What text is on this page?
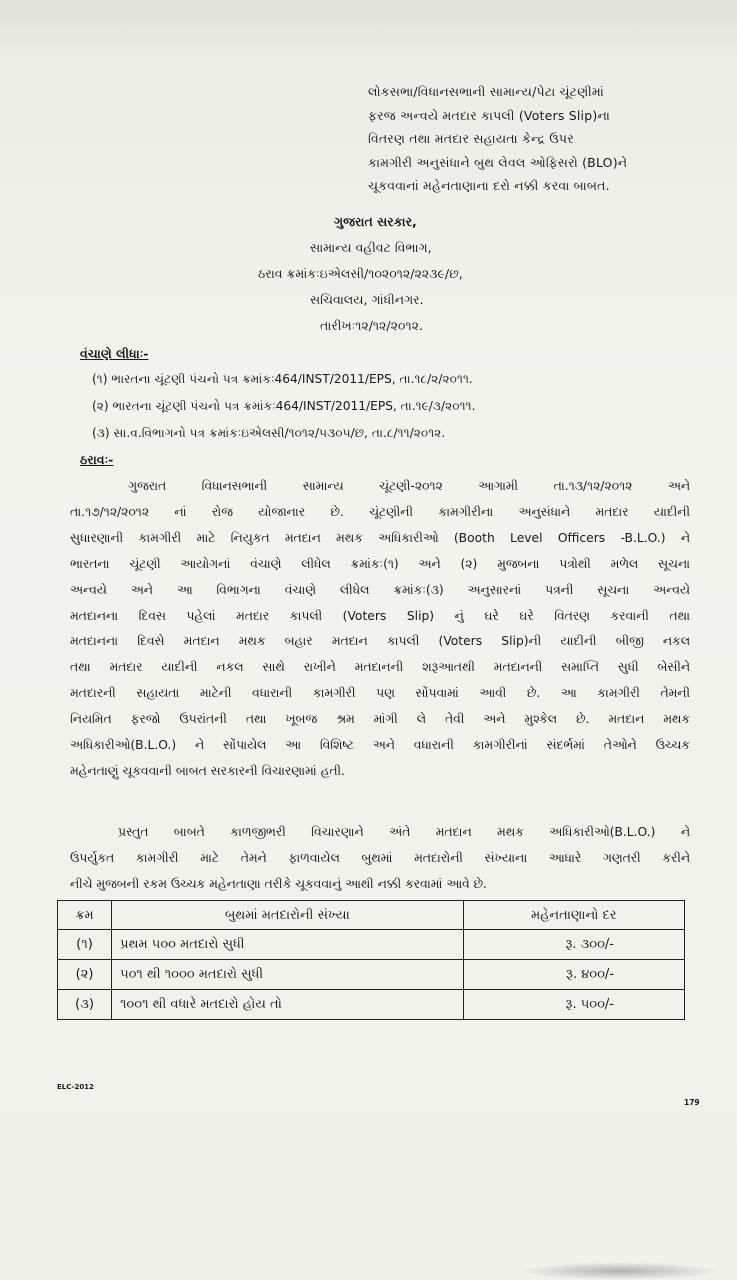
લોકસભા/વિધાનસભાની સામાન્ય/પેટા ચૂંટણીમાં
ફરજ અન્વયે મતદાર કાપલી (Voters Slip)ના
વિતરણ તથા મતદાર સહાયતા કેન્દ્ર ઉપર
કામગીરી અનુસંધાને બુથ લેવલ ઓફિસરો (BLO)ને
ચૂકવવાનાં મહેનતાણાના દરો નક્કી કરવા બાબત.
ગુજરાત સરકાર,
સામાન્ય વહીવટ વિભાગ,
ઠરાવ ક્રમાંકઃઇએલસી/૧૦૨૦૧૨/૨૨૩૯/છ,
સચિવાલય, ગાંધીનગર.
તારીખઃ૧૨/૧૨/૨૦૧૨.
વંચાણે લીધાઃ-
(૧) ભારતના ચૂંટણી પંચનો પત્ર ક્રમાંકઃ464/INST/2011/EPS, તા.૧૮/૨/૨૦૧૧.
(૨) ભારતના ચૂંટણી પંચનો પત્ર ક્રમાંકઃ464/INST/2011/EPS, તા.૧૯/૩/૨૦૧૧.
(૩) સા.વ.વિભાગનો પત્ર ક્રમાંકઃઇએલસી/૧૦૧૨/૫૩૦૫/છ, તા.૮/૧૧/૨૦૧૨.
ઠરાવઃ-
ગુજરાત વિધાનસભાની સામાન્ય ચૂંટણી-૨૦૧૨ આગામી તા.૧૩/૧૨/૨૦૧૨ અને
તા.૧૭/૧૨/૨૦૧૨ નાં રોજ યોજાનાર છે. ચૂંટણીની કામગીરીના અનુસંધાને મતદાર યાદીની
સુધારણાની કામગીરી માટે નિયુકત મતદાન મથક અધિકારીઓ (Booth Level Officers -B.L.O.) ને
ભારતના ચૂંટણી આયોગનાં વંચાણે લીધેલ ક્રમાંકઃ(૧) અને (૨) મુજબના પત્રોથી મળેલ સૂચના
અન્વયે અને આ વિભાગના વંચાણે લીધેલ ક્રમાંકઃ(૩) અનુસારનાં પત્રની સૂચના અન્વયે
મતદાનના દિવસ પહેલાં મતદાર કાપલી (Voters Slip) નું ઘરે ઘરે વિતરણ કરવાની તથા
મતદાનના દિવસે મતદાન મથક બહાર મતદાન કાપલી (Voters Slip)ની યાદીની બીજી નકલ
તથા મતદાર યાદીની નકલ સાથે રાખીને મતદાનની શરૂઆતથી મતદાનની સમાપ્તિ સુધી બેસીને
મતદારની સહાયતા માટેની વધારાની કામગીરી પણ સોંપવામાં આવી છે. આ કામગીરી તેમની
નિયમિત ફરજો ઉપરાંતની તથા ખૂબજ શ્રમ માંગી લે તેવી અને મુશ્કેલ છે. મતદાન મથક
અધિકારીઓ(B.L.O.) ને સોંપાયેલ આ વિશિષ્ટ અને વધારાની કામગીરીનાં સંદર્ભમાં તેઓને ઉચ્ચક
મહેનતાણું ચૂકવવાની બાબત સરકારની વિચારણામાં હતી.
પ્રસ્તુત બાબતે કાળજીભરી વિચારણાને અંતે મતદાન મથક અધિકારીઓ(B.L.O.) ને
ઉપર્યુકત કામગીરી માટે તેમને ફાળવાયેલ બુથમાં મતદારોની સંખ્યાના આધારે ગણતરી કરીને
નીચે મુજબની રકમ ઉચ્ચક મહેનતાણા તરીકે ચૂકવવાનું આથી નક્કી કરવામાં આવે છે.
ક્રમ	બુથમાં મતદારોની સંખ્યા	મહેનતાણાનો દર
(૧)	પ્રથમ ૫૦૦ મતદારો સુધી	રૂ. ૩૦૦/-
(૨)	૫૦૧ થી ૧૦૦૦ મતદારો સુધી	રૂ. ૪૦૦/-
(૩)	૧૦૦૧ થી વધારે મતદારો હોય તો	રૂ. ૫૦૦/-
ELC-2012
179
